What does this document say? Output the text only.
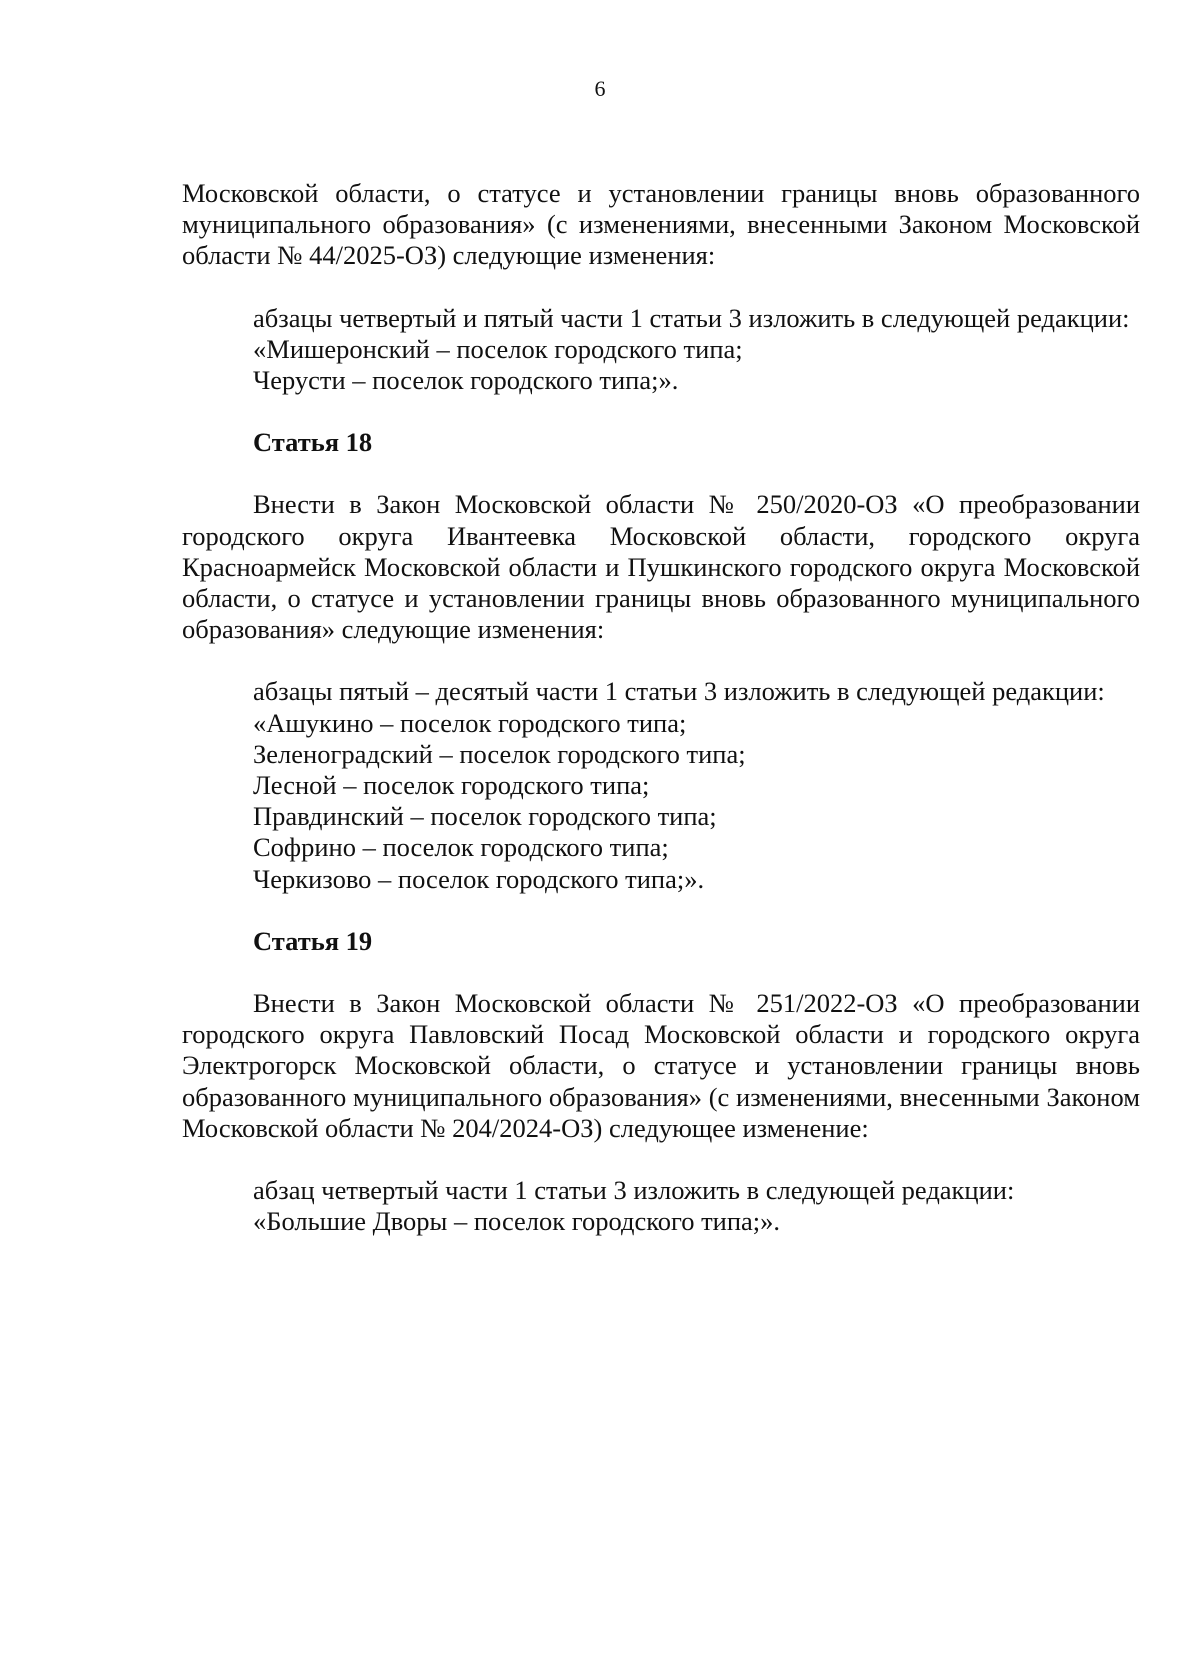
6

Московской области, о статусе и установлении границы вновь образованного муниципального образования» (с изменениями, внесенными Законом Московской области № 44/2025-ОЗ) следующие изменения:

абзацы четвертый и пятый части 1 статьи 3 изложить в следующей редакции:

«Мишеронский – поселок городского типа;
Черусти – поселок городского типа;».

Статья 18

Внести в Закон Московской области № 250/2020-ОЗ «О преобразовании городского округа Ивантеевка Московской области, городского округа Красноармейск Московской области и Пушкинского городского округа Московской области, о статусе и установлении границы вновь образованного муниципального образования» следующие изменения:

абзацы пятый – десятый части 1 статьи 3 изложить в следующей редакции:

«Ашукино – поселок городского типа;
Зеленоградский – поселок городского типа;
Лесной – поселок городского типа;
Правдинский – поселок городского типа;
Софрино – поселок городского типа;
Черкизово – поселок городского типа;».

Статья 19

Внести в Закон Московской области № 251/2022-ОЗ «О преобразовании городского округа Павловский Посад Московской области и городского округа Электрогорск Московской области, о статусе и установлении границы вновь образованного муниципального образования» (с изменениями, внесенными Законом Московской области № 204/2024-ОЗ) следующее изменение:

абзац четвертый части 1 статьи 3 изложить в следующей редакции:
«Большие Дворы – поселок городского типа;».
